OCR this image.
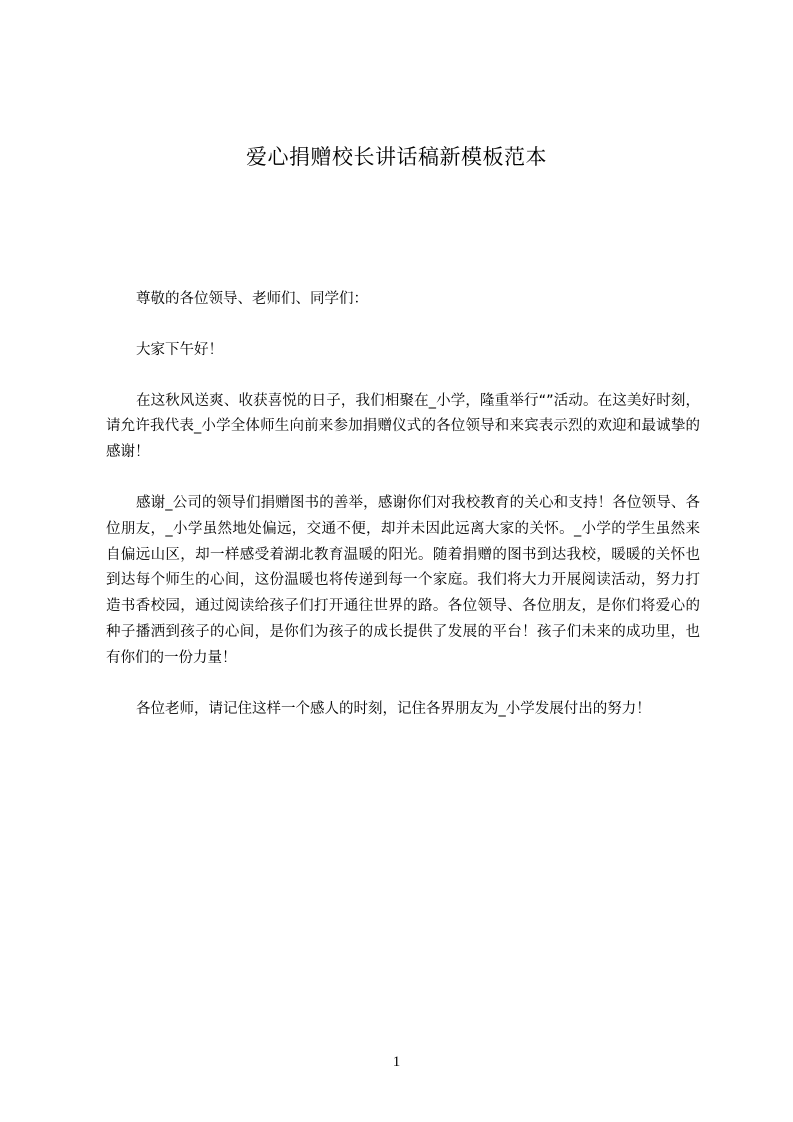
爱心捐赠校长讲话稿新模板范本

尊敬的各位领导、老师们、同学们：

大家下午好！

在这秋风送爽、收获喜悦的日子，我们相聚在_小学，隆重举行“”活动。在这美好时刻，请允许我代表_小学全体师生向前来参加捐赠仪式的各位领导和来宾表示烈的欢迎和最诚挚的感谢！

感谢_公司的领导们捐赠图书的善举，感谢你们对我校教育的关心和支持！各位领导、各位朋友，_小学虽然地处偏远，交通不便，却并未因此远离大家的关怀。_小学的学生虽然来自偏远山区，却一样感受着湖北教育温暖的阳光。随着捐赠的图书到达我校，暖暖的关怀也到达每个师生的心间，这份温暖也将传递到每一个家庭。我们将大力开展阅读活动，努力打造书香校园，通过阅读给孩子们打开通往世界的路。各位领导、各位朋友，是你们将爱心的种子播洒到孩子的心间，是你们为孩子的成长提供了发展的平台！孩子们未来的成功里，也有你们的一份力量！

各位老师，请记住这样一个感人的时刻，记住各界朋友为_小学发展付出的努力！

1
